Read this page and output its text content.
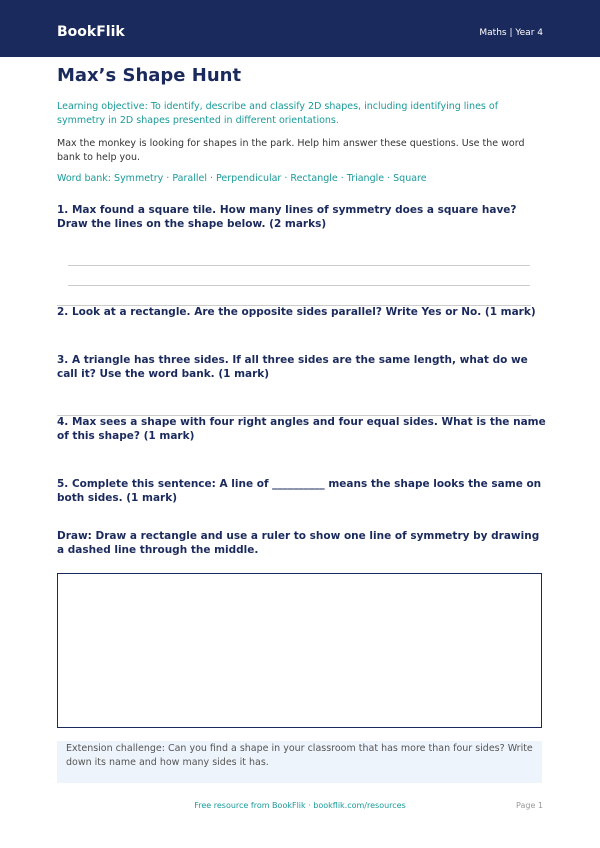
BookFlik	Maths | Year 4
Max’s Shape Hunt
Learning objective: To identify, describe and classify 2D shapes, including identifying lines of symmetry in 2D shapes presented in different orientations.
Max the monkey is looking for shapes in the park. Help him answer these questions. Use the word bank to help you.
Word bank: Symmetry · Parallel · Perpendicular · Rectangle · Triangle · Square
1. Max found a square tile. How many lines of symmetry does a square have? Draw the lines on the shape below. (2 marks)
2. Look at a rectangle. Are the opposite sides parallel? Write Yes or No. (1 mark)
3. A triangle has three sides. If all three sides are the same length, what do we call it? Use the word bank. (1 mark)
4. Max sees a shape with four right angles and four equal sides. What is the name of this shape? (1 mark)
5. Complete this sentence: A line of __________ means the shape looks the same on both sides. (1 mark)
Draw: Draw a rectangle and use a ruler to show one line of symmetry by drawing a dashed line through the middle.
Extension challenge: Can you find a shape in your classroom that has more than four sides? Write down its name and how many sides it has.
Free resource from BookFlik · bookflik.com/resources	Page 1
